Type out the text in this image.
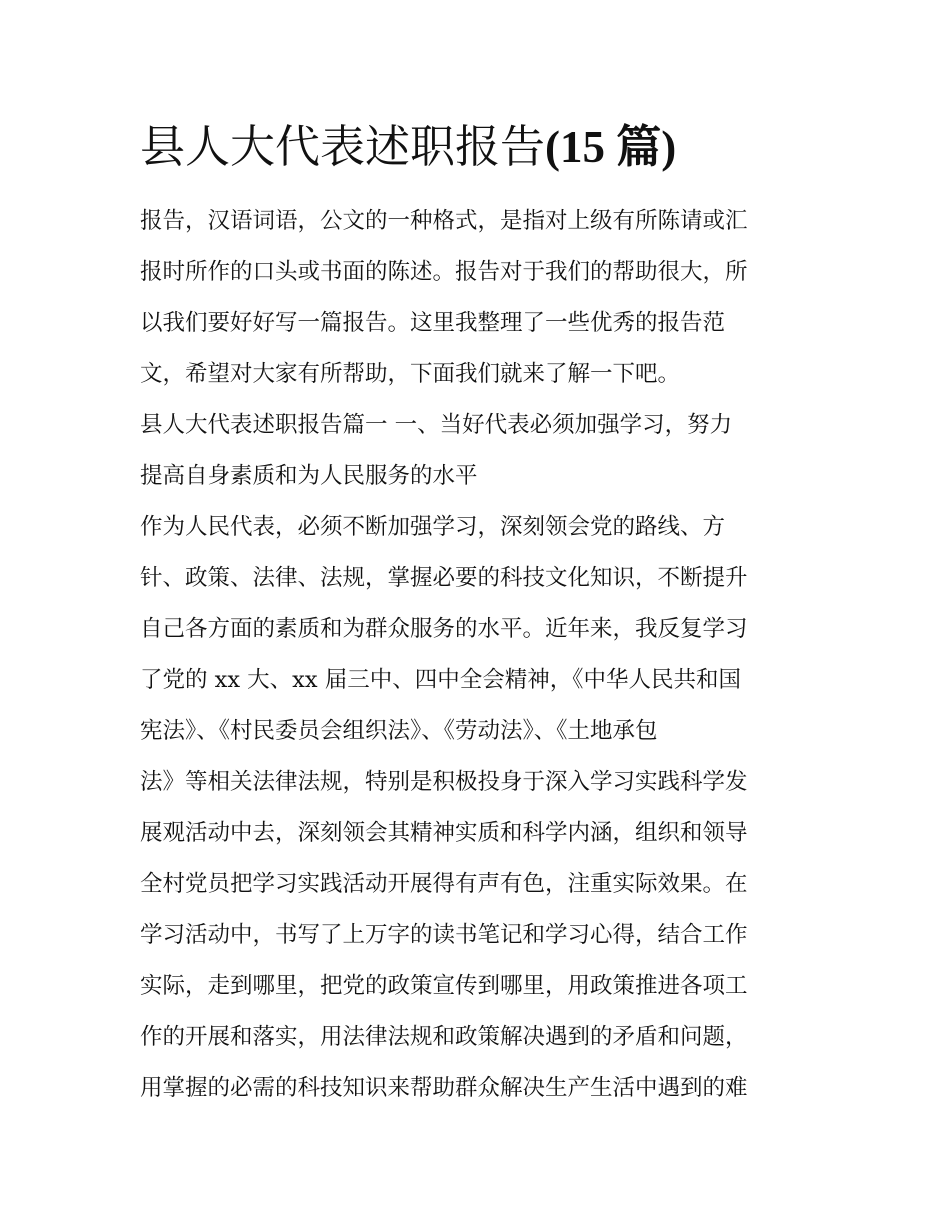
县人大代表述职报告(15 篇)
报告，汉语词语，公文的一种格式，是指对上级有所陈请或汇
报时所作的口头或书面的陈述。报告对于我们的帮助很大，所
以我们要好好写一篇报告。这里我整理了一些优秀的报告范
文，希望对大家有所帮助，下面我们就来了解一下吧。
县人大代表述职报告篇一 一、当好代表必须加强学习，努力
提高自身素质和为人民服务的水平
作为人民代表，必须不断加强学习，深刻领会党的路线、方
针、政策、法律、法规，掌握必要的科技文化知识，不断提升
自己各方面的素质和为群众服务的水平。近年来，我反复学习
了党的 xx 大、xx 届三中、四中全会精神，《中华人民共和国
宪法》、《村民委员会组织法》、《劳动法》、《土地承包
法》等相关法律法规，特别是积极投身于深入学习实践科学发
展观活动中去，深刻领会其精神实质和科学内涵，组织和领导
全村党员把学习实践活动开展得有声有色，注重实际效果。在
学习活动中，书写了上万字的读书笔记和学习心得，结合工作
实际，走到哪里，把党的政策宣传到哪里，用政策推进各项工
作的开展和落实，用法律法规和政策解决遇到的矛盾和问题，
用掌握的必需的科技知识来帮助群众解决生产生活中遇到的难
